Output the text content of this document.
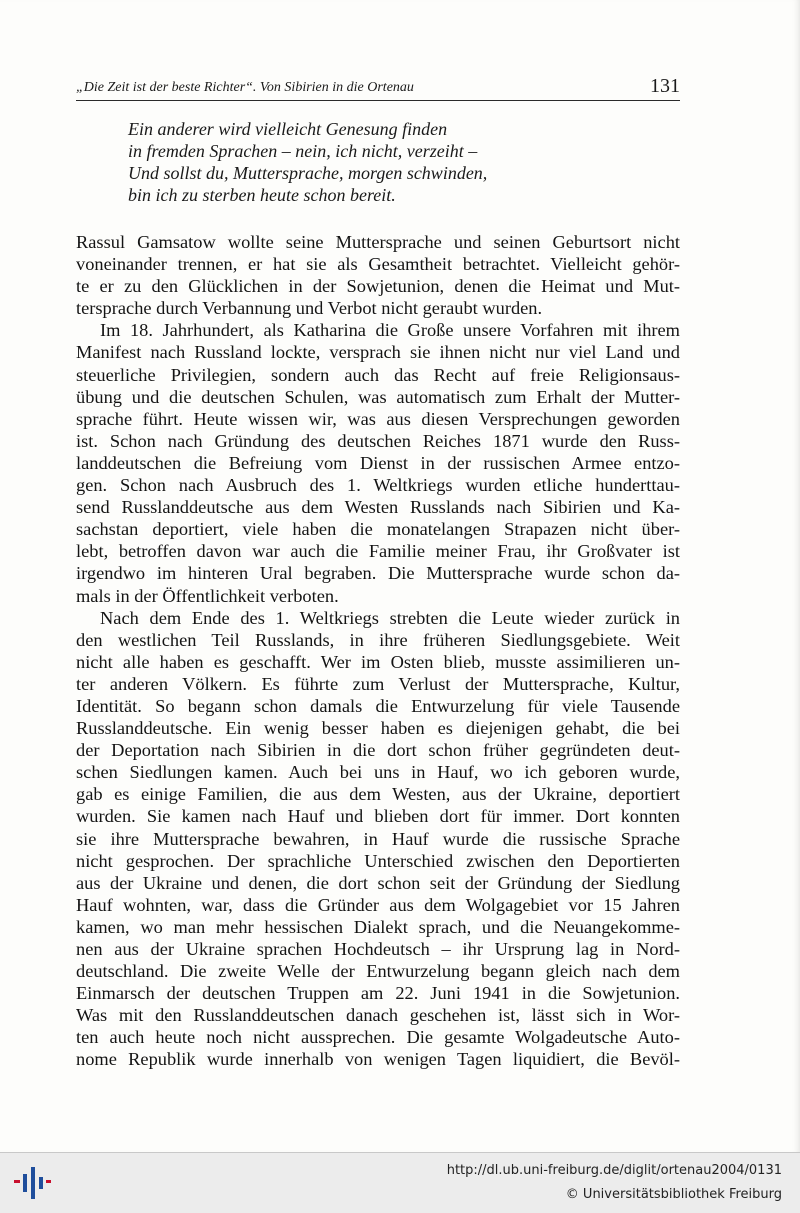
„Die Zeit ist der beste Richter“. Von Sibirien in die Ortenau	131
Ein anderer wird vielleicht Genesung finden
in fremden Sprachen – nein, ich nicht, verzeiht –
Und sollst du, Muttersprache, morgen schwinden,
bin ich zu sterben heute schon bereit.
Rassul Gamsatow wollte seine Muttersprache und seinen Geburtsort nicht
voneinander trennen, er hat sie als Gesamtheit betrachtet. Vielleicht gehör-
te er zu den Glücklichen in der Sowjetunion, denen die Heimat und Mut-
tersprache durch Verbannung und Verbot nicht geraubt wurden.
Im 18. Jahrhundert, als Katharina die Große unsere Vorfahren mit ihrem
Manifest nach Russland lockte, versprach sie ihnen nicht nur viel Land und
steuerliche Privilegien, sondern auch das Recht auf freie Religionsaus-
übung und die deutschen Schulen, was automatisch zum Erhalt der Mutter-
sprache führt. Heute wissen wir, was aus diesen Versprechungen geworden
ist. Schon nach Gründung des deutschen Reiches 1871 wurde den Russ-
landdeutschen die Befreiung vom Dienst in der russischen Armee entzo-
gen. Schon nach Ausbruch des 1. Weltkriegs wurden etliche hunderttau-
send Russlanddeutsche aus dem Westen Russlands nach Sibirien und Ka-
sachstan deportiert, viele haben die monatelangen Strapazen nicht über-
lebt, betroffen davon war auch die Familie meiner Frau, ihr Großvater ist
irgendwo im hinteren Ural begraben. Die Muttersprache wurde schon da-
mals in der Öffentlichkeit verboten.
Nach dem Ende des 1. Weltkriegs strebten die Leute wieder zurück in
den westlichen Teil Russlands, in ihre früheren Siedlungsgebiete. Weit
nicht alle haben es geschafft. Wer im Osten blieb, musste assimilieren un-
ter anderen Völkern. Es führte zum Verlust der Muttersprache, Kultur,
Identität. So begann schon damals die Entwurzelung für viele Tausende
Russlanddeutsche. Ein wenig besser haben es diejenigen gehabt, die bei
der Deportation nach Sibirien in die dort schon früher gegründeten deut-
schen Siedlungen kamen. Auch bei uns in Hauf, wo ich geboren wurde,
gab es einige Familien, die aus dem Westen, aus der Ukraine, deportiert
wurden. Sie kamen nach Hauf und blieben dort für immer. Dort konnten
sie ihre Muttersprache bewahren, in Hauf wurde die russische Sprache
nicht gesprochen. Der sprachliche Unterschied zwischen den Deportierten
aus der Ukraine und denen, die dort schon seit der Gründung der Siedlung
Hauf wohnten, war, dass die Gründer aus dem Wolgagebiet vor 15 Jahren
kamen, wo man mehr hessischen Dialekt sprach, und die Neuangekomme-
nen aus der Ukraine sprachen Hochdeutsch – ihr Ursprung lag in Nord-
deutschland. Die zweite Welle der Entwurzelung begann gleich nach dem
Einmarsch der deutschen Truppen am 22. Juni 1941 in die Sowjetunion.
Was mit den Russlanddeutschen danach geschehen ist, lässt sich in Wor-
ten auch heute noch nicht aussprechen. Die gesamte Wolgadeutsche Auto-
nome Republik wurde innerhalb von wenigen Tagen liquidiert, die Bevöl-
http://dl.ub.uni-freiburg.de/diglit/ortenau2004/0131
© Universitätsbibliothek Freiburg
